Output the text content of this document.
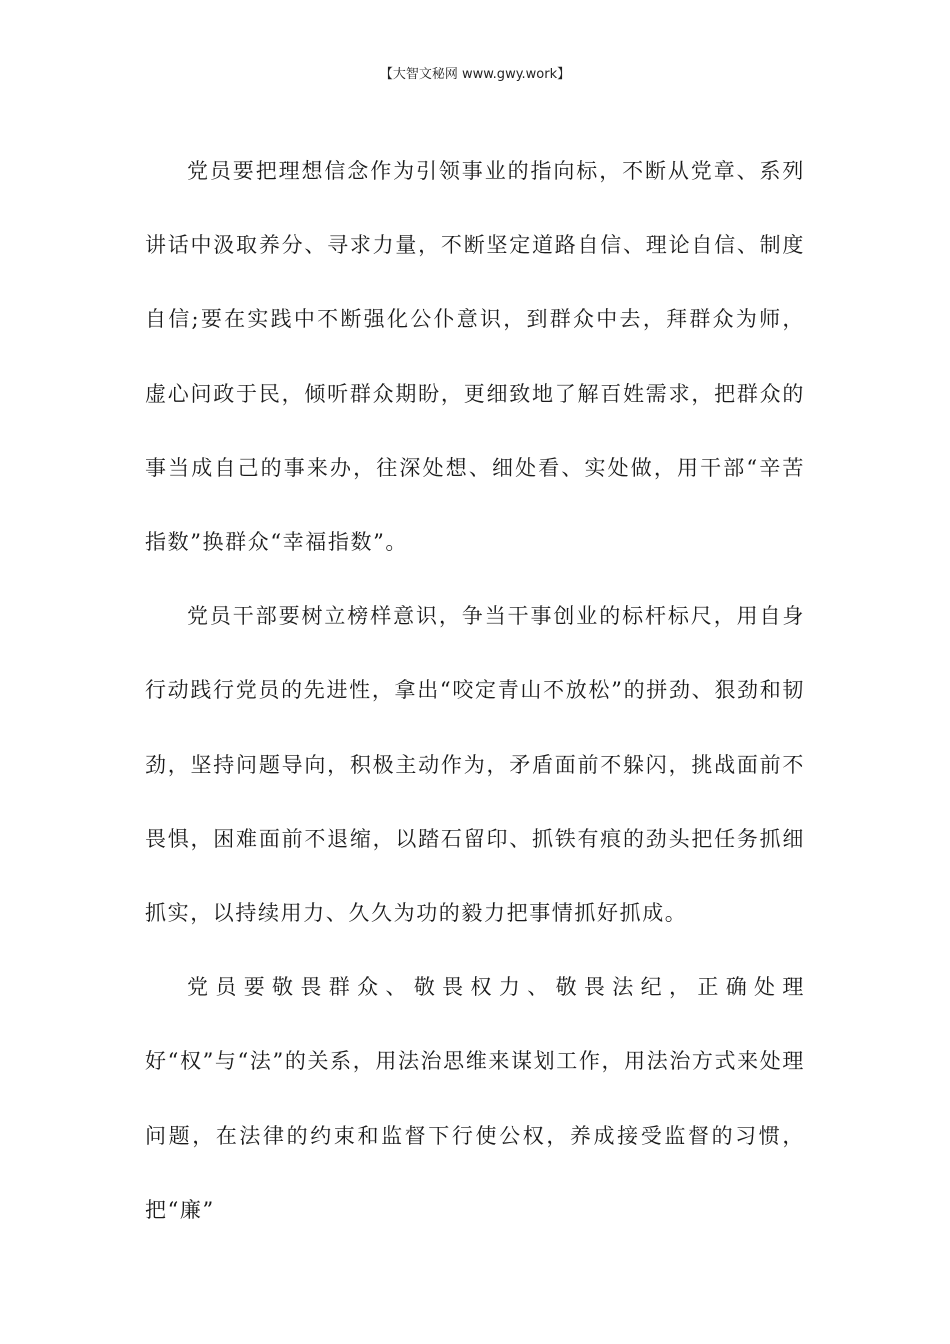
【大智文秘网 www.gwy.work】

党员要把理想信念作为引领事业的指向标，不断从党章、系列讲话中汲取养分、寻求力量，不断坚定道路自信、理论自信、制度自信;要在实践中不断强化公仆意识，到群众中去，拜群众为师，虚心问政于民，倾听群众期盼，更细致地了解百姓需求，把群众的事当成自己的事来办，往深处想、细处看、实处做，用干部“辛苦指数”换群众“幸福指数”。

党员干部要树立榜样意识，争当干事创业的标杆标尺，用自身行动践行党员的先进性，拿出“咬定青山不放松”的拼劲、狠劲和韧劲，坚持问题导向，积极主动作为，矛盾面前不躲闪，挑战面前不畏惧，困难面前不退缩，以踏石留印、抓铁有痕的劲头把任务抓细抓实，以持续用力、久久为功的毅力把事情抓好抓成。

党员要敬畏群众、敬畏权力、敬畏法纪，正确处理好“权”与“法”的关系，用法治思维来谋划工作，用法治方式来处理问题，在法律的约束和监督下行使公权，养成接受监督的习惯，把“廉”
